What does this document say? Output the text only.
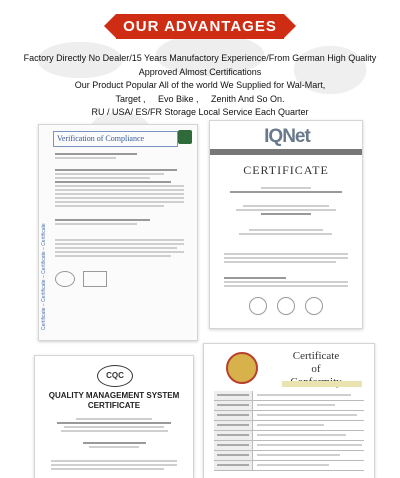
OUR ADVANTAGES
Factory Directly No Dealer/15 Years Manufactory Experience/From German High Quality
Approved Almost Certifications
Our Product Popular All of the world We Supplied for Wal-Mart,
Target ,     Evo Bike ,     Zenith And So On.
RU / USA/ ES/FR Storage Local Service Each Quarter
Certificate – Certificate – Certificate – Certificate
Verification of Compliance	IQNet
CERTIFICATE
CQC
QUALITY MANAGEMENT SYSTEM
CERTIFICATE
Certificate
of
